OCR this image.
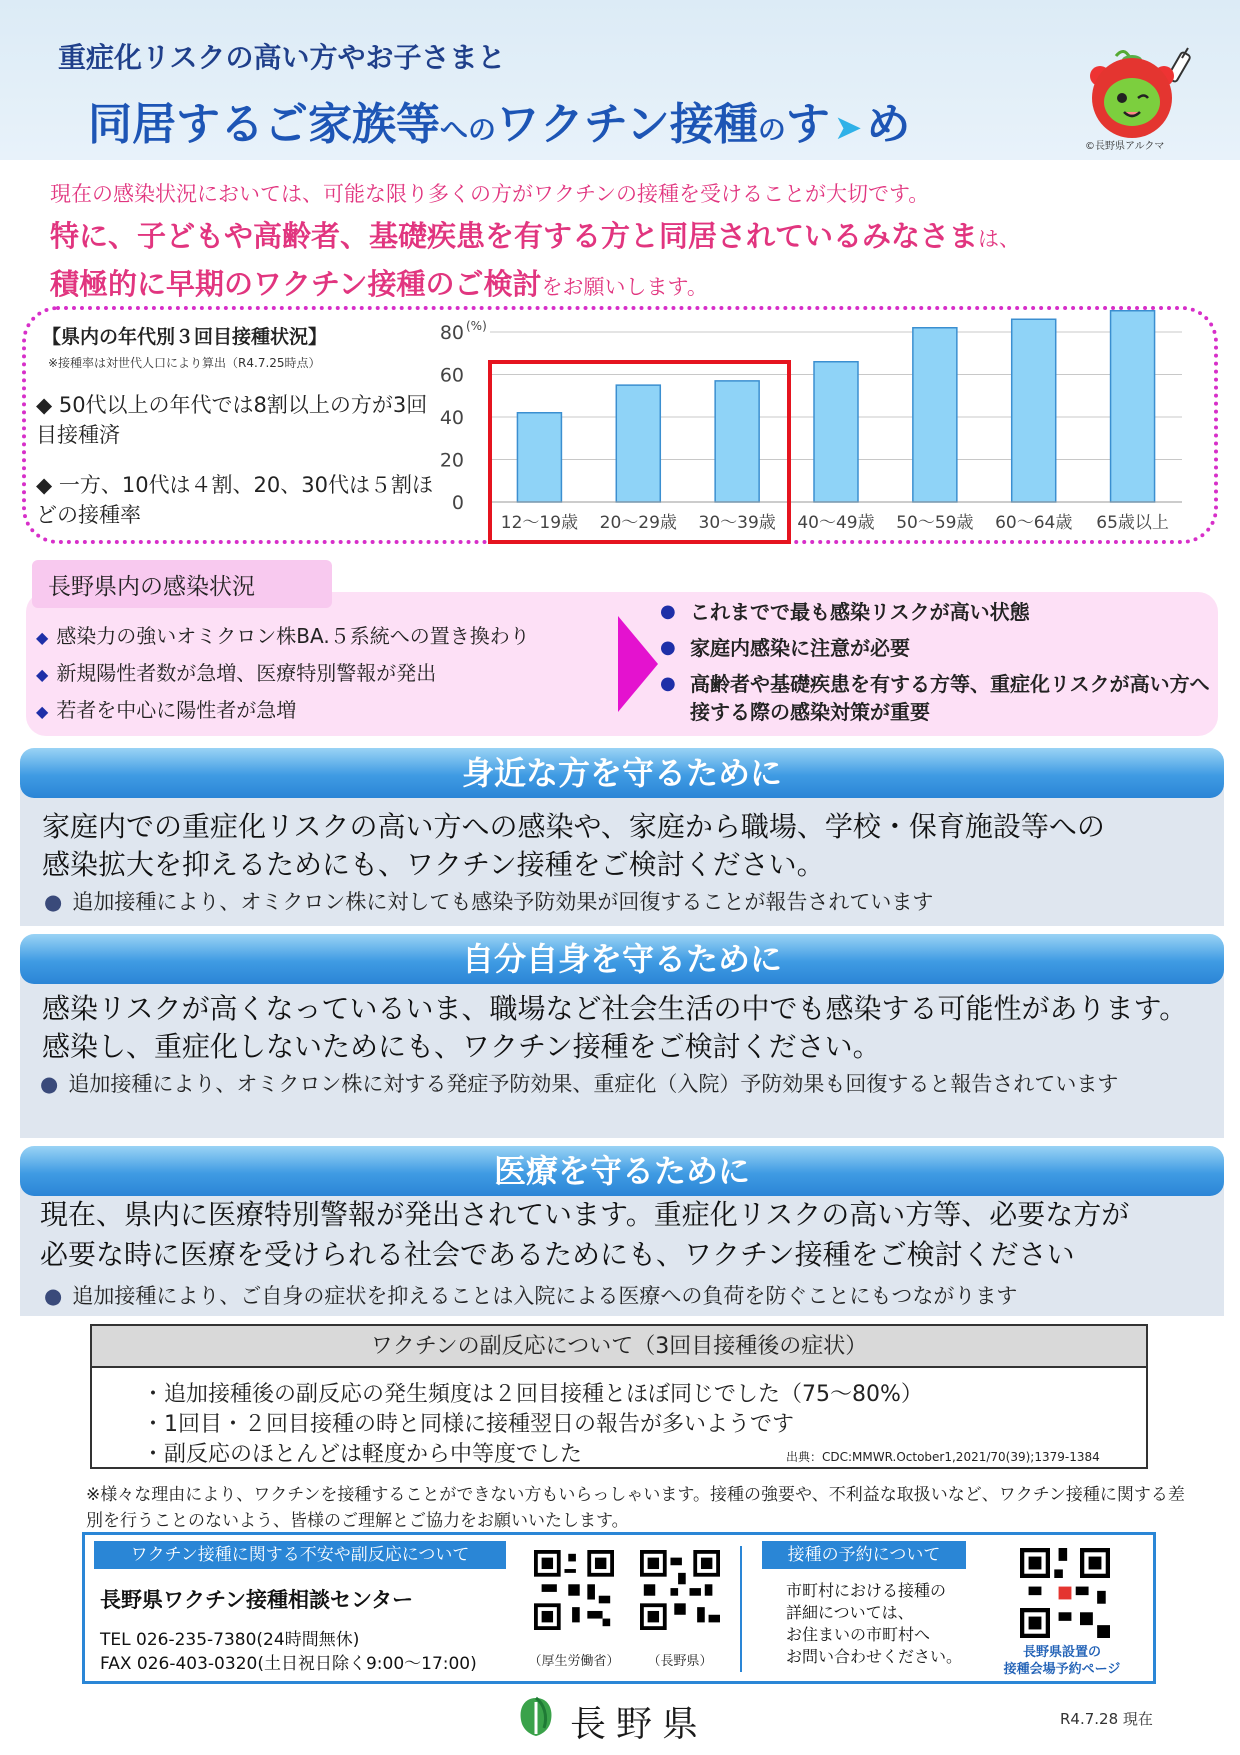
重症化リスクの高い方やお子さまと
同居するご家族等へのワクチン接種のす ➤め	©長野県アルクマ
現在の感染状況においては、可能な限り多くの方がワクチンの接種を受けることが大切です。
特に、子どもや高齢者、基礎疾患を有する方と同居されているみなさまは、
積極的に早期のワクチン接種のご検討をお願いします。
【県内の年代別３回目接種状況】
※接種率は対世代人口により算出（R4.7.25時点）
◆ 50代以上の年代では8割以上の方が3回目接種済
◆ 一方、10代は４割、20、30代は５割ほどの接種率	0
20
40
60
80 (%)
12～19歳 20～29歳 30～39歳 40～49歳 50～59歳 60～64歳 65歳以上
長野県内の感染状況
◆ 感染力の強いオミクロン株BA.５系統への置き換わり
◆ 新規陽性者数が急増、医療特別警報が発出
◆ 若者を中心に陽性者が急増
● これまでで最も感染リスクが高い状態
● 家庭内感染に注意が必要
● 高齢者や基礎疾患を有する方等、重症化リスクが高い方へ接する際の感染対策が重要
身近な方を守るために
家庭内での重症化リスクの高い方への感染や、家庭から職場、学校・保育施設等への
感染拡大を抑えるためにも、ワクチン接種をご検討ください。
● 追加接種により、オミクロン株に対しても感染予防効果が回復することが報告されています
自分自身を守るために
感染リスクが高くなっているいま、職場など社会生活の中でも感染する可能性があります。
感染し、重症化しないためにも、ワクチン接種をご検討ください。
● 追加接種により、オミクロン株に対する発症予防効果、重症化（入院）予防効果も回復すると報告されています
医療を守るために
現在、県内に医療特別警報が発出されています。重症化リスクの高い方等、必要な方が
必要な時に医療を受けられる社会であるためにも、ワクチン接種をご検討ください
● 追加接種により、ご自身の症状を抑えることは入院による医療への負荷を防ぐことにもつながります
ワクチンの副反応について（3回目接種後の症状）
・追加接種後の副反応の発生頻度は２回目接種とほぼ同じでした（75～80%）
・1回目・２回目接種の時と同様に接種翌日の報告が多いようです
・副反応のほとんどは軽度から中等度でした	出典：CDC:MMWR.October1,2021/70(39);1379-1384
※様々な理由により、ワクチンを接種することができない方もいらっしゃいます。接種の強要や、不利益な取扱いなど、ワクチン接種に関する差別を行うことのないよう、皆様のご理解とご協力をお願いいたします。
ワクチン接種に関する不安や副反応について
長野県ワクチン接種相談センター
TEL 026-235-7380(24時間無休)
FAX 026-403-0320(土日祝日除く9:00～17:00)	（厚生労働省）	（長野県）
接種の予約について
市町村における接種の
詳細については、
お住まいの市町村へ
お問い合わせください。	長野県設置の
接種会場予約ページ
長野県	R4.7.28 現在
